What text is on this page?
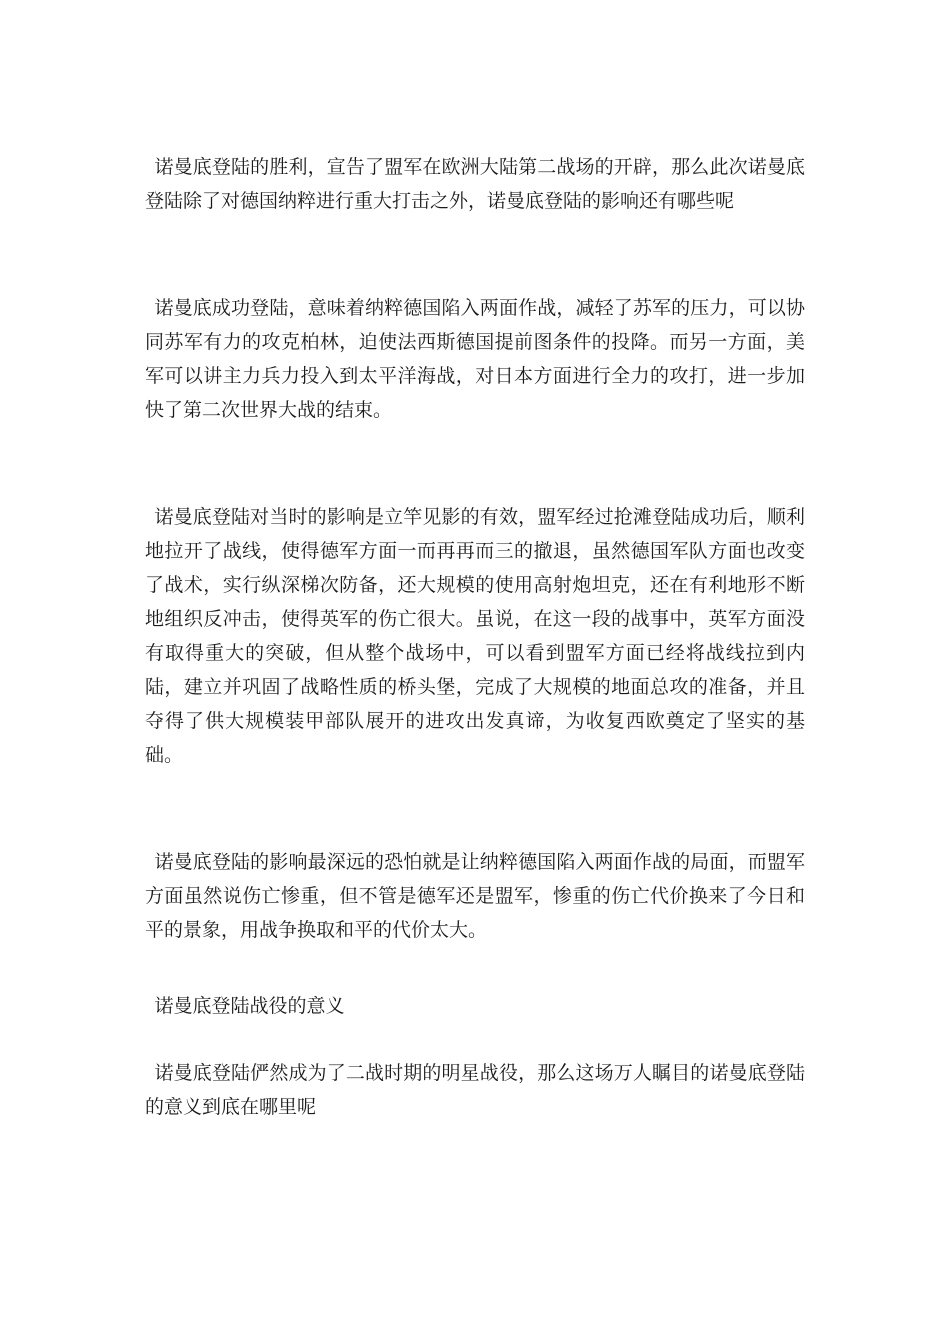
诺曼底登陆的胜利，宣告了盟军在欧洲大陆第二战场的开辟，那么此次诺曼底登陆除了对德国纳粹进行重大打击之外，诺曼底登陆的影响还有哪些呢

诺曼底成功登陆，意味着纳粹德国陷入两面作战，减轻了苏军的压力，可以协同苏军有力的攻克柏林，迫使法西斯德国提前图条件的投降。而另一方面，美军可以讲主力兵力投入到太平洋海战，对日本方面进行全力的攻打，进一步加快了第二次世界大战的结束。

诺曼底登陆对当时的影响是立竿见影的有效，盟军经过抢滩登陆成功后，顺利地拉开了战线，使得德军方面一而再再而三的撤退，虽然德国军队方面也改变了战术，实行纵深梯次防备，还大规模的使用高射炮坦克，还在有利地形不断地组织反冲击，使得英军的伤亡很大。虽说，在这一段的战事中，英军方面没有取得重大的突破，但从整个战场中，可以看到盟军方面已经将战线拉到内陆，建立并巩固了战略性质的桥头堡，完成了大规模的地面总攻的准备，并且夺得了供大规模装甲部队展开的进攻出发真谛，为收复西欧奠定了坚实的基础。

诺曼底登陆的影响最深远的恐怕就是让纳粹德国陷入两面作战的局面，而盟军方面虽然说伤亡惨重，但不管是德军还是盟军，惨重的伤亡代价换来了今日和平的景象，用战争换取和平的代价太大。

诺曼底登陆战役的意义

诺曼底登陆俨然成为了二战时期的明星战役，那么这场万人瞩目的诺曼底登陆的意义到底在哪里呢
